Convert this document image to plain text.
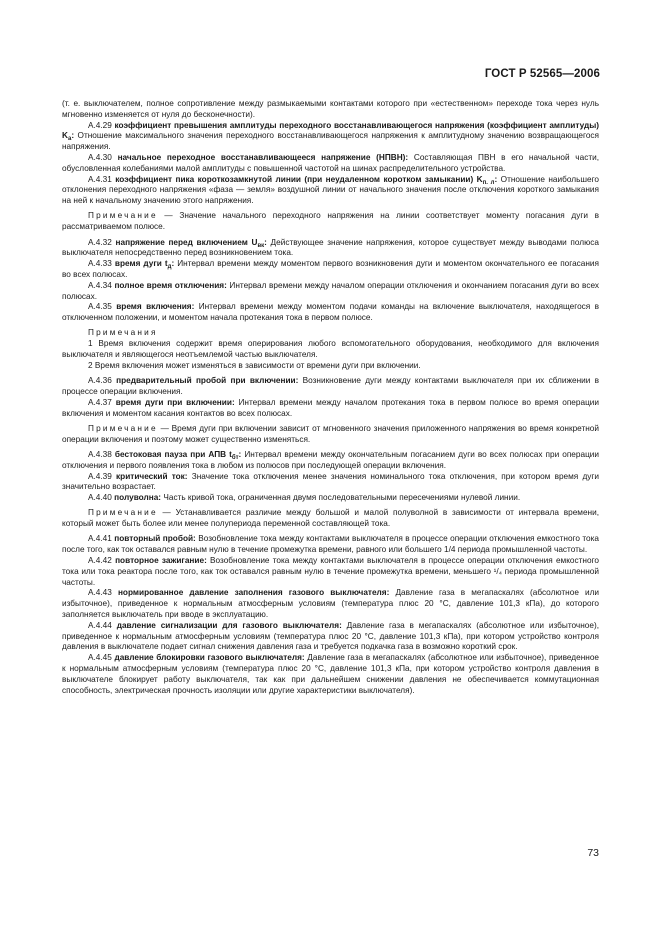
ГОСТ Р 52565—2006

(т. е. выключателем, полное сопротивление между размыкаемыми контактами которого при «естественном» переходе тока через нуль мгновенно изменяется от нуля до бесконечности).

А.4.29 коэффициент превышения амплитуды переходного восстанавливающегося напряжения (коэффициент амплитуды) $K_а$: Отношение максимального значения переходного восстанавливающегося напряжения к амплитудному значению возвращающегося напряжения.

А.4.30 начальное переходное восстанавливающееся напряжение (НПВН): Составляющая ПВН в его начальной части, обусловленная колебаниями малой амплитуды с повышенной частотой на шинах распределительного устройства.

А.4.31 коэффициент пика короткозамкнутой линии (при неудаленном коротком замыкании) $K_{п. л}$: Отношение наибольшего отклонения переходного напряжения «фаза — земля» воздушной линии от начального значения после отключения короткого замыкания на ней к начальному значению этого напряжения.

Примечание — Значение начального переходного напряжения на линии соответствует моменту погасания дуги в рассматриваемом полюсе.

А.4.32 напряжение перед включением $U_{вк}$: Действующее значение напряжения, которое существует между выводами полюса выключателя непосредственно перед возникновением тока.

А.4.33 время дуги $t_д$: Интервал времени между моментом первого возникновения дуги и моментом окончательного ее погасания во всех полюсах.

А.4.34 полное время отключения: Интервал времени между началом операции отключения и окончанием погасания дуги во всех полюсах.

А.4.35 время включения: Интервал времени между моментом подачи команды на включение выключателя, находящегося в отключенном положении, и моментом начала протекания тока в первом полюсе.

Примечания

1 Время включения содержит время оперирования любого вспомогательного оборудования, необходимого для включения выключателя и являющегося неотъемлемой частью выключателя.

2 Время включения может изменяться в зависимости от времени дуги при включении.

А.4.36 предварительный пробой при включении: Возникновение дуги между контактами выключателя при их сближении в процессе операции включения.

А.4.37 время дуги при включении: Интервал времени между началом протекания тока в первом полюсе во время операции включения и моментом касания контактов во всех полюсах.

Примечание — Время дуги при включении зависит от мгновенного значения приложенного напряжения во время конкретной операции включения и поэтому может существенно изменяться.

А.4.38 бестоковая пауза при АПВ $t_{бт}$: Интервал времени между окончательным погасанием дуги во всех полюсах при операции отключения и первого появления тока в любом из полюсов при последующей операции включения.

А.4.39 критический ток: Значение тока отключения менее значения номинального тока отключения, при котором время дуги значительно возрастает.

А.4.40 полуволна: Часть кривой тока, ограниченная двумя последовательными пересечениями нулевой линии.

Примечание — Устанавливается различие между большой и малой полуволной в зависимости от интервала времени, который может быть более или менее полупериода переменной составляющей тока.

А.4.41 повторный пробой: Возобновление тока между контактами выключателя в процессе операции отключения емкостного тока после того, как ток оставался равным нулю в течение промежутка времени, равного или большего 1/4 периода промышленной частоты.

А.4.42 повторное зажигание: Возобновление тока между контактами выключателя в процессе операции отключения емкостного тока или тока реактора после того, как ток оставался равным нулю в течение промежутка времени, меньшего ¹/₄ периода промышленной частоты.

А.4.43 нормированное давление заполнения газового выключателя: Давление газа в мегапаскалях (абсолютное или избыточное), приведенное к нормальным атмосферным условиям (температура плюс 20 °С, давление 101,3 кПа), до которого заполняется выключатель при вводе в эксплуатацию.

А.4.44 давление сигнализации для газового выключателя: Давление газа в мегапаскалях (абсолютное или избыточное), приведенное к нормальным атмосферным условиям (температура плюс 20 °С, давление 101,3 кПа), при котором устройство контроля давления в выключателе подает сигнал снижения давления газа и требуется подкачка газа в возможно короткий срок.

А.4.45 давление блокировки газового выключателя: Давление газа в мегапаскалях (абсолютное или избыточное), приведенное к нормальным атмосферным условиям (температура плюс 20 °С, давление 101,3 кПа, при котором устройство контроля давления в выключателе блокирует работу выключателя, так как при дальнейшем снижении давления не обеспечивается коммутационная способность, электрическая прочность изоляции или другие характеристики выключателя).

73
